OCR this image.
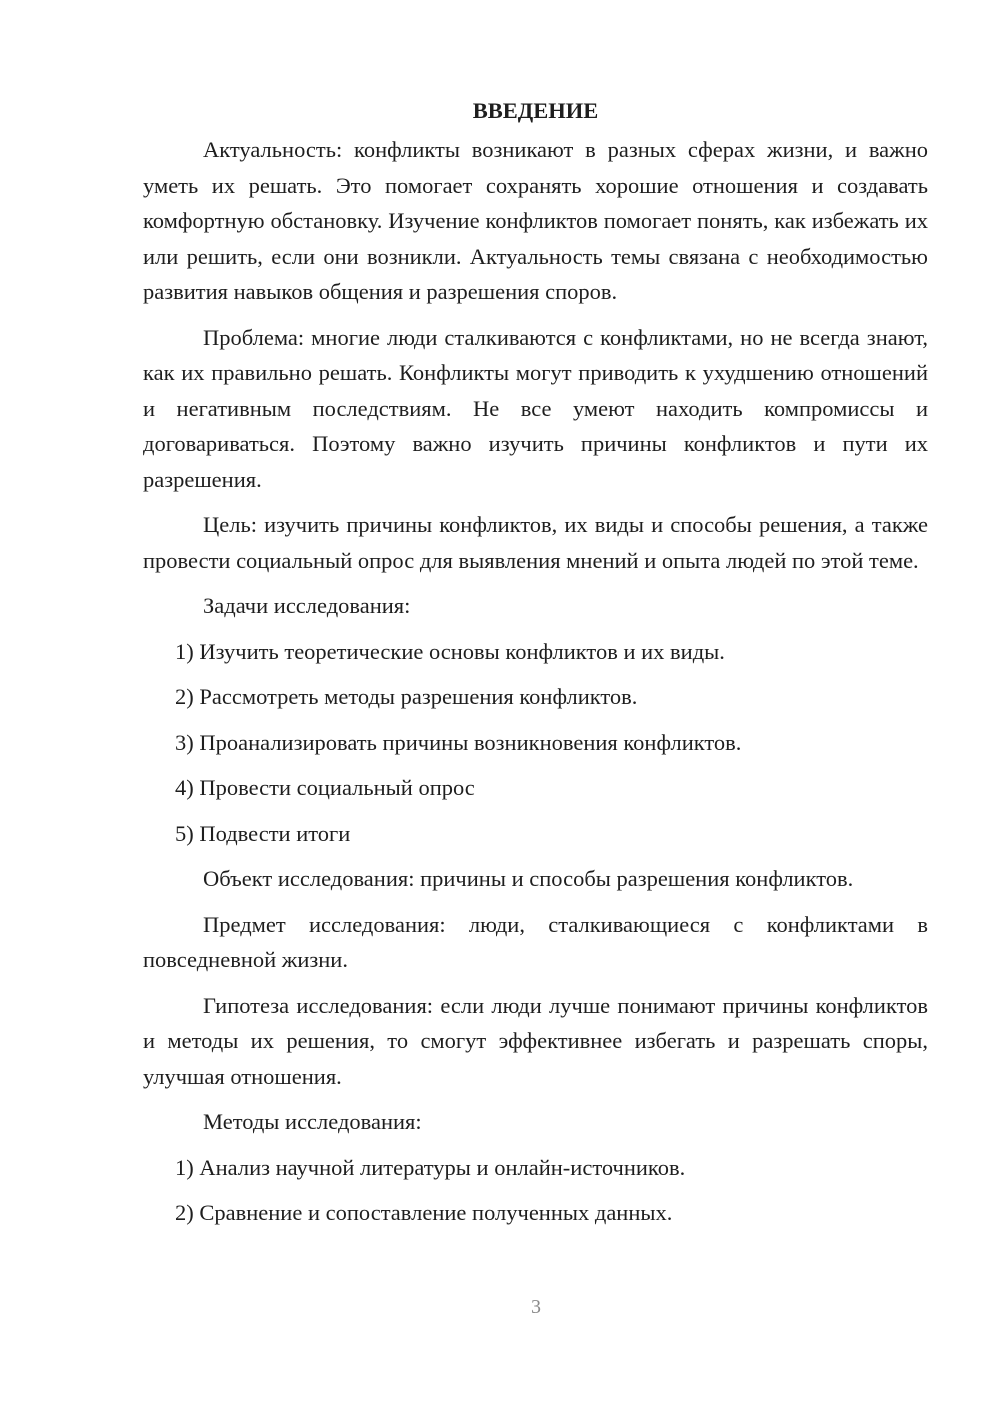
ВВЕДЕНИЕ

Актуальность: конфликты возникают в разных сферах жизни, и важно уметь их решать. Это помогает сохранять хорошие отношения и создавать комфортную обстановку. Изучение конфликтов помогает понять, как избежать их или решить, если они возникли. Актуальность темы связана с необходимостью развития навыков общения и разрешения споров.

Проблема: многие люди сталкиваются с конфликтами, но не всегда знают, как их правильно решать. Конфликты могут приводить к ухудшению отношений и негативным последствиям. Не все умеют находить компромиссы и договариваться. Поэтому важно изучить причины конфликтов и пути их разрешения.

Цель: изучить причины конфликтов, их виды и способы решения, а также провести социальный опрос для выявления мнений и опыта людей по этой теме.

Задачи исследования:
1) Изучить теоретические основы конфликтов и их виды.
2) Рассмотреть методы разрешения конфликтов.
3) Проанализировать причины возникновения конфликтов.
4) Провести социальный опрос
5) Подвести итоги

Объект исследования: причины и способы разрешения конфликтов.

Предмет исследования: люди, сталкивающиеся с конфликтами в повседневной жизни.

Гипотеза исследования: если люди лучше понимают причины конфликтов и методы их решения, то смогут эффективнее избегать и разрешать споры, улучшая отношения.

Методы исследования:
1) Анализ научной литературы и онлайн-источников.
2) Сравнение и сопоставление полученных данных.
3
